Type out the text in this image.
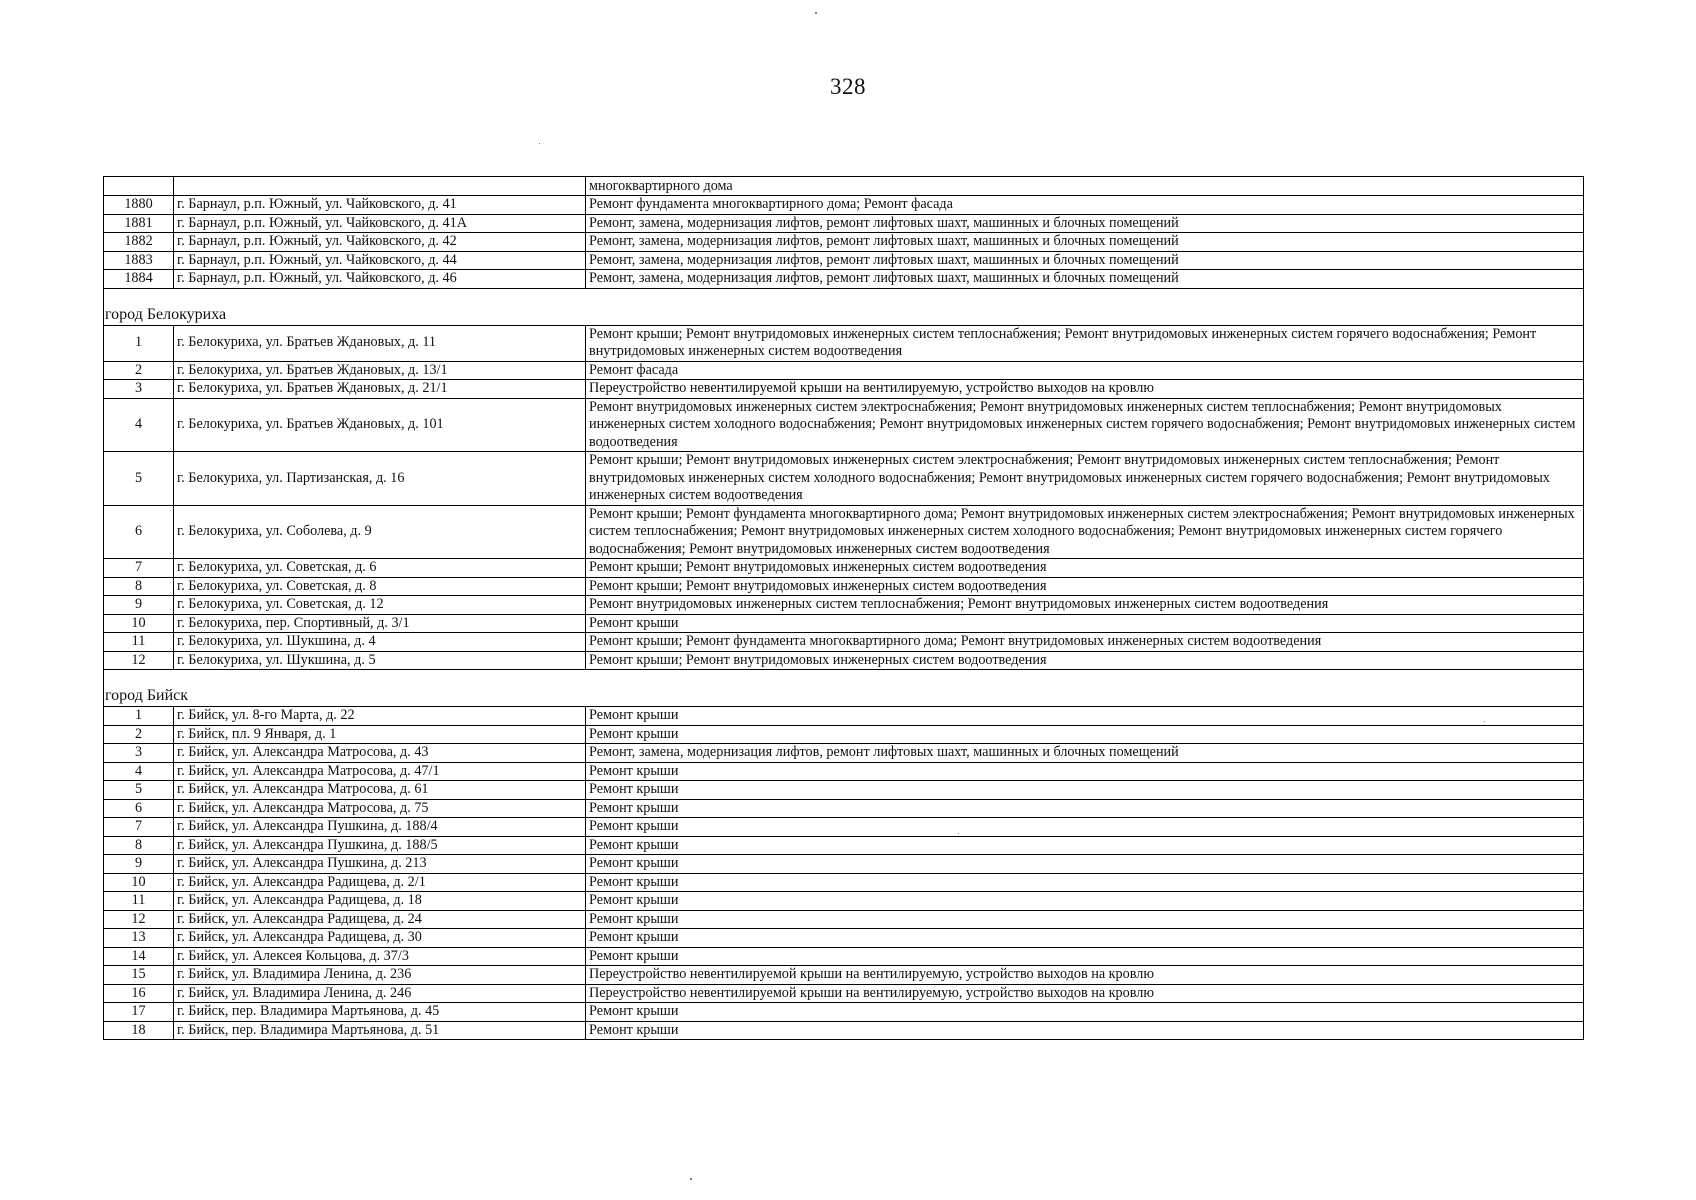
328
		многоквартирного дома
1880	г. Барнаул, р.п. Южный, ул. Чайковского, д. 41	Ремонт фундамента многоквартирного дома; Ремонт фасада
1881	г. Барнаул, р.п. Южный, ул. Чайковского, д. 41А	Ремонт, замена, модернизация лифтов, ремонт лифтовых шахт, машинных и блочных помещений
1882	г. Барнаул, р.п. Южный, ул. Чайковского, д. 42	Ремонт, замена, модернизация лифтов, ремонт лифтовых шахт, машинных и блочных помещений
1883	г. Барнаул, р.п. Южный, ул. Чайковского, д. 44	Ремонт, замена, модернизация лифтов, ремонт лифтовых шахт, машинных и блочных помещений
1884	г. Барнаул, р.п. Южный, ул. Чайковского, д. 46	Ремонт, замена, модернизация лифтов, ремонт лифтовых шахт, машинных и блочных помещений

город Белокуриха		
1	г. Белокуриха, ул. Братьев Ждановых, д. 11	Ремонт крыши; Ремонт внутридомовых инженерных систем теплоснабжения; Ремонт внутридомовых инженерных систем горячего водоснабжения; Ремонт внутридомовых инженерных систем водоотведения
2	г. Белокуриха, ул. Братьев Ждановых, д. 13/1	Ремонт фасада
3	г. Белокуриха, ул. Братьев Ждановых, д. 21/1	Переустройство невентилируемой крыши на вентилируемую, устройство выходов на кровлю
4	г. Белокуриха, ул. Братьев Ждановых, д. 101	Ремонт внутридомовых инженерных систем электроснабжения; Ремонт внутридомовых инженерных систем теплоснабжения; Ремонт внутридомовых инженерных систем холодного водоснабжения; Ремонт внутридомовых инженерных систем горячего водоснабжения; Ремонт внутридомовых инженерных систем водоотведения
5	г. Белокуриха, ул. Партизанская, д. 16	Ремонт крыши; Ремонт внутридомовых инженерных систем электроснабжения; Ремонт внутридомовых инженерных систем теплоснабжения; Ремонт внутридомовых инженерных систем холодного водоснабжения; Ремонт внутридомовых инженерных систем горячего водоснабжения; Ремонт внутридомовых инженерных систем водоотведения
6	г. Белокуриха, ул. Соболева, д. 9	Ремонт крыши; Ремонт фундамента многоквартирного дома; Ремонт внутридомовых инженерных систем электроснабжения; Ремонт внутридомовых инженерных систем теплоснабжения; Ремонт внутридомовых инженерных систем холодного водоснабжения; Ремонт внутридомовых инженерных систем горячего водоснабжения; Ремонт внутридомовых инженерных систем водоотведения
7	г. Белокуриха, ул. Советская, д. 6	Ремонт крыши; Ремонт внутридомовых инженерных систем водоотведения
8	г. Белокуриха, ул. Советская, д. 8	Ремонт крыши; Ремонт внутридомовых инженерных систем водоотведения
9	г. Белокуриха, ул. Советская, д. 12	Ремонт внутридомовых инженерных систем теплоснабжения; Ремонт внутридомовых инженерных систем водоотведения
10	г. Белокуриха, пер. Спортивный, д. 3/1	Ремонт крыши
11	г. Белокуриха, ул. Шукшина, д. 4	Ремонт крыши; Ремонт фундамента многоквартирного дома; Ремонт внутридомовых инженерных систем водоотведения
12	г. Белокуриха, ул. Шукшина, д. 5	Ремонт крыши; Ремонт внутридомовых инженерных систем водоотведения

город Бийск		
1	г. Бийск, ул. 8-го Марта, д. 22	Ремонт крыши
2	г. Бийск, пл. 9 Января, д. 1	Ремонт крыши
3	г. Бийск, ул. Александра Матросова, д. 43	Ремонт, замена, модернизация лифтов, ремонт лифтовых шахт, машинных и блочных помещений
4	г. Бийск, ул. Александра Матросова, д. 47/1	Ремонт крыши
5	г. Бийск, ул. Александра Матросова, д. 61	Ремонт крыши
6	г. Бийск, ул. Александра Матросова, д. 75	Ремонт крыши
7	г. Бийск, ул. Александра Пушкина, д. 188/4	Ремонт крыши
8	г. Бийск, ул. Александра Пушкина, д. 188/5	Ремонт крыши
9	г. Бийск, ул. Александра Пушкина, д. 213	Ремонт крыши
10	г. Бийск, ул. Александра Радищева, д. 2/1	Ремонт крыши
11	г. Бийск, ул. Александра Радищева, д. 18	Ремонт крыши
12	г. Бийск, ул. Александра Радищева, д. 24	Ремонт крыши
13	г. Бийск, ул. Александра Радищева, д. 30	Ремонт крыши
14	г. Бийск, ул. Алексея Кольцова, д. 37/3	Ремонт крыши
15	г. Бийск, ул. Владимира Ленина, д. 236	Переустройство невентилируемой крыши на вентилируемую, устройство выходов на кровлю
16	г. Бийск, ул. Владимира Ленина, д. 246	Переустройство невентилируемой крыши на вентилируемую, устройство выходов на кровлю
17	г. Бийск, пер. Владимира Мартьянова, д. 45	Ремонт крыши
18	г. Бийск, пер. Владимира Мартьянова, д. 51	Ремонт крыши
